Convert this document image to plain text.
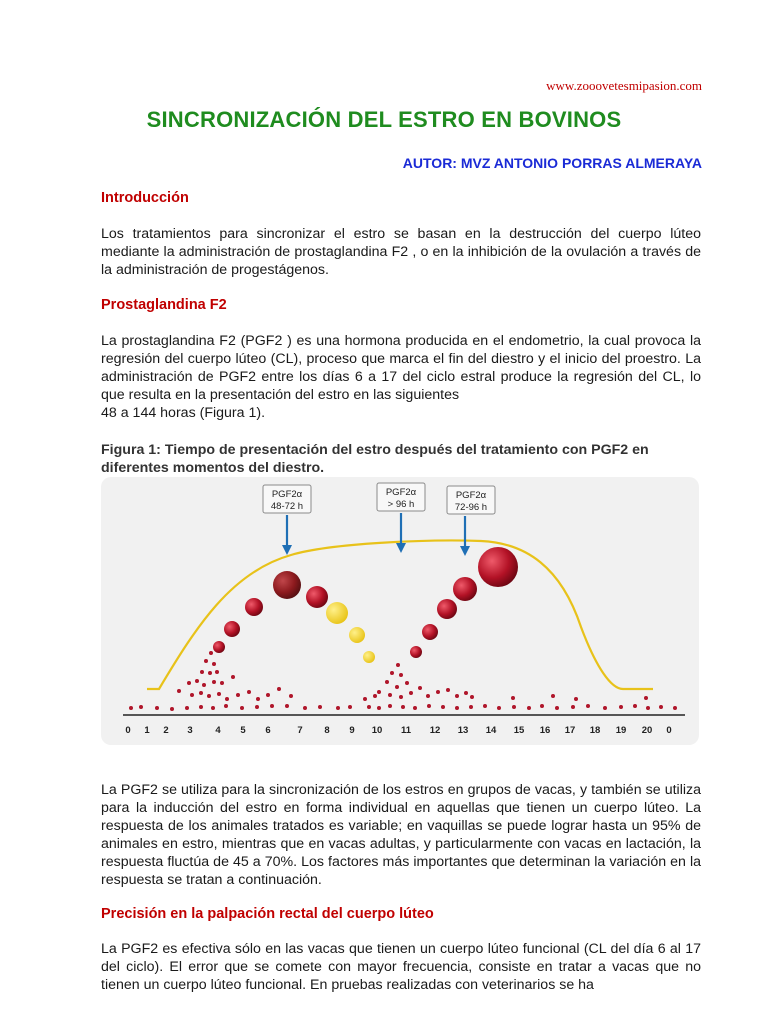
www.zooovetesmipasion.com
SINCRONIZACIÓN DEL ESTRO EN BOVINOS
AUTOR: MVZ ANTONIO PORRAS ALMERAYA
Introducción
Los tratamientos para sincronizar el estro se basan en la destrucción del cuerpo lúteo mediante la administración de prostaglandina F2 , o en la inhibición de la ovulación a través de la administración de progestágenos.
Prostaglandina F2
La prostaglandina F2 (PGF2 ) es una hormona producida en el endometrio, la cual provoca la regresión del cuerpo lúteo (CL), proceso que marca el fin del diestro y el inicio del proestro. La administración de PGF2 entre los días 6 a 17 del ciclo estral produce la regresión del CL, lo que resulta en la presentación del estro en las siguientes
48 a 144 horas (Figura 1).
Figura 1: Tiempo de presentación del estro después del tratamiento con PGF2 en diferentes momentos del diestro.
0 1 2 3 4 5 6	7 8 9 10 11 12 13 14 15 16 17 18 19 20 0
PGF2α
48-72 h
PGF2α
> 96 h
PGF2α
72-96 h
La PGF2 se utiliza para la sincronización de los estros en grupos de vacas, y también se utiliza para la inducción del estro en forma individual en aquellas que tienen un cuerpo lúteo. La respuesta de los animales tratados es variable; en vaquillas se puede lograr hasta un 95% de animales en estro, mientras que en vacas adultas, y particularmente con vacas en lactación, la respuesta fluctúa de 45 a 70%. Los factores más importantes que determinan la variación en la respuesta se tratan a continuación.
Precisión en la palpación rectal del cuerpo lúteo
La PGF2 es efectiva sólo en las vacas que tienen un cuerpo lúteo funcional (CL del día 6 al 17 del ciclo). El error que se comete con mayor frecuencia, consiste en tratar a vacas que no tienen un cuerpo lúteo funcional. En pruebas realizadas con veterinarios se ha
